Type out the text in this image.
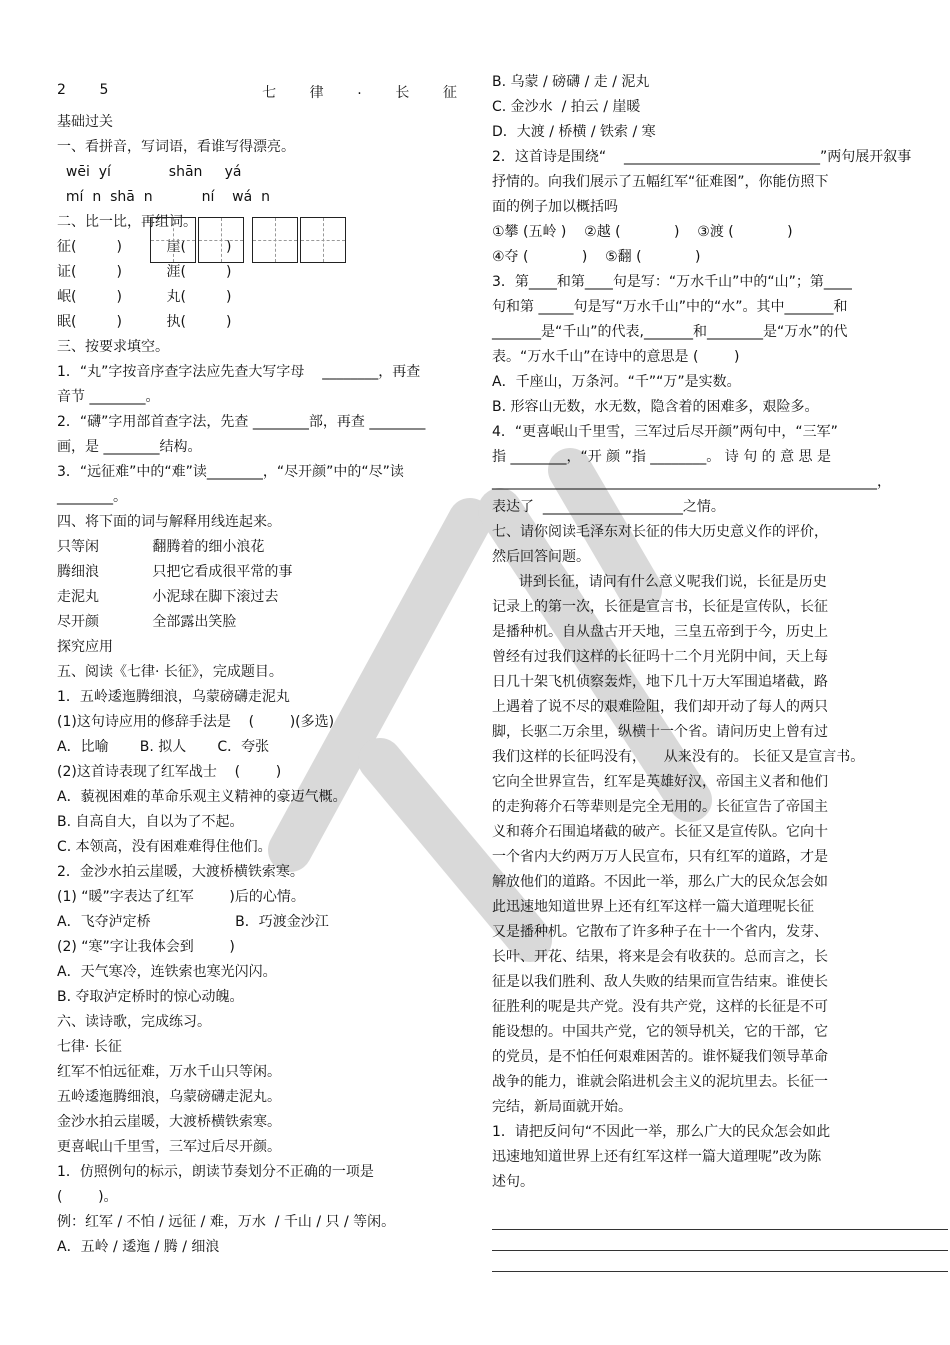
2 5	七 律 . 长 征
基础过关
一、看拼音，写词语，看谁写得漂亮。
wēi  yí             shān     yá
mí  n  shā  n           ní    wá  n
二、比一比，再组词。
征(         )          崖(         )
证(         )          涯(         )
岷(         )          丸(         )
眠(         )          执(         )
三、按要求填空。
1．“丸”字按音序查字法应先查大写字母    ________，再查
音节 ________。
2．“礴”字用部首查字法，先查 ________部，再查 ________
画，是 ________结构。
3．“远征难”中的“难”读________，“尽开颜”中的“尽”读
________。
四、将下面的词与解释用线连起来。
只等闲            翻腾着的细小浪花
腾细浪            只把它看成很平常的事
走泥丸            小泥球在脚下滚过去
尽开颜            全部露出笑脸
探究应用
五、阅读《七律· 长征》，完成题目。
1．五岭逶迤腾细浪，乌蒙磅礴走泥丸
(1)这句诗应用的修辞手法是    (        )(多选)
A．比喻       B. 拟人       C．夸张
(2)这首诗表现了红军战士    (        )
A．藐视困难的革命乐观主义精神的豪迈气概。
B. 自高自大，自以为了不起。
C. 本领高，没有困难难得住他们。
2．金沙水拍云崖暖，大渡桥横铁索寒。
(1) “暖”字表达了红军        )后的心情。
A．飞夺泸定桥                   B．巧渡金沙江
(2) “寒”字让我体会到        )
A．天气寒冷，连铁索也寒光闪闪。
B. 夺取泸定桥时的惊心动魄。
六、读诗歌，完成练习。
七律· 长征
红军不怕远征难，万水千山只等闲。
五岭逶迤腾细浪，乌蒙磅礴走泥丸。
金沙水拍云崖暖，大渡桥横铁索寒。
更喜岷山千里雪，三军过后尽开颜。
1．仿照例句的标示，朗读节奏划分不正确的一项是
(        )。
例：红军 / 不怕 / 远征 / 难，万水  / 千山 / 只 / 等闲。
A．五岭 / 逶迤 / 腾 / 细浪
B. 乌蒙 / 磅礴 / 走 / 泥丸
C. 金沙水  / 拍云 / 崖暖
D．大渡 / 桥横 / 铁索 / 寒
2．这首诗是围绕“    ____________________________”两句展开叙事
抒情的。向我们展示了五幅红军“征难图”，你能仿照下
面的例子加以概括吗
①攀 (五岭 )    ②越 (            )    ③渡 (            )
④夺 (            )    ⑤翻 (            )
3．第____和第____句是写：“万水千山”中的“山”；第____
句和第 _____句是写“万水千山”中的“水”。其中_______和
_______是“千山”的代表,_______和________是“万水”的代
表。“万水千山”在诗中的意思是 (        )
A．千座山，万条河。“千”“万”是实数。
B. 形容山无数，水无数，隐含着的困难多，艰险多。
4．“更喜岷山千里雪，三军过后尽开颜”两句中，“三军”
指 ________，“开 颜 ”指 ________。 诗 句 的 意 思 是
_______________________________________________________，
表达了  ____________________之情。
七、请你阅读毛泽东对长征的伟大历史意义作的评价，
然后回答问题。
讲到长征，请问有什么意义呢我们说，长征是历史
记录上的第一次，长征是宣言书，长征是宣传队，长征
是播种机。自从盘古开天地，三皇五帝到于今，历史上
曾经有过我们这样的长征吗十二个月光阴中间，天上每
日几十架飞机侦察轰炸，地下几十万大军围追堵截，路
上遇着了说不尽的艰难险阻，我们却开动了每人的两只
脚，长驱二万余里，纵横十一个省。请问历史上曾有过
我们这样的长征吗没有，    从来没有的。 长征又是宣言书。
它向全世界宣告，红军是英雄好汉，帝国主义者和他们
的走狗蒋介石等辈则是完全无用的。长征宣告了帝国主
义和蒋介石围追堵截的破产。长征又是宣传队。它向十
一个省内大约两万万人民宣布，只有红军的道路，才是
解放他们的道路。不因此一举，那么广大的民众怎会如
此迅速地知道世界上还有红军这样一篇大道理呢长征
又是播种机。它散布了许多种子在十一个省内，发芽、
长叶、开花、结果，将来是会有收获的。总而言之，长
征是以我们胜利、敌人失败的结果而宣告结束。谁使长
征胜利的呢是共产党。没有共产党，这样的长征是不可
能设想的。中国共产党，它的领导机关，它的干部，它
的党员，是不怕任何艰难困苦的。谁怀疑我们领导革命
战争的能力，谁就会陷进机会主义的泥坑里去。长征一
完结，新局面就开始。
1．请把反问句“不因此一举，那么广大的民众怎会如此
迅速地知道世界上还有红军这样一篇大道理呢”改为陈
述句。
